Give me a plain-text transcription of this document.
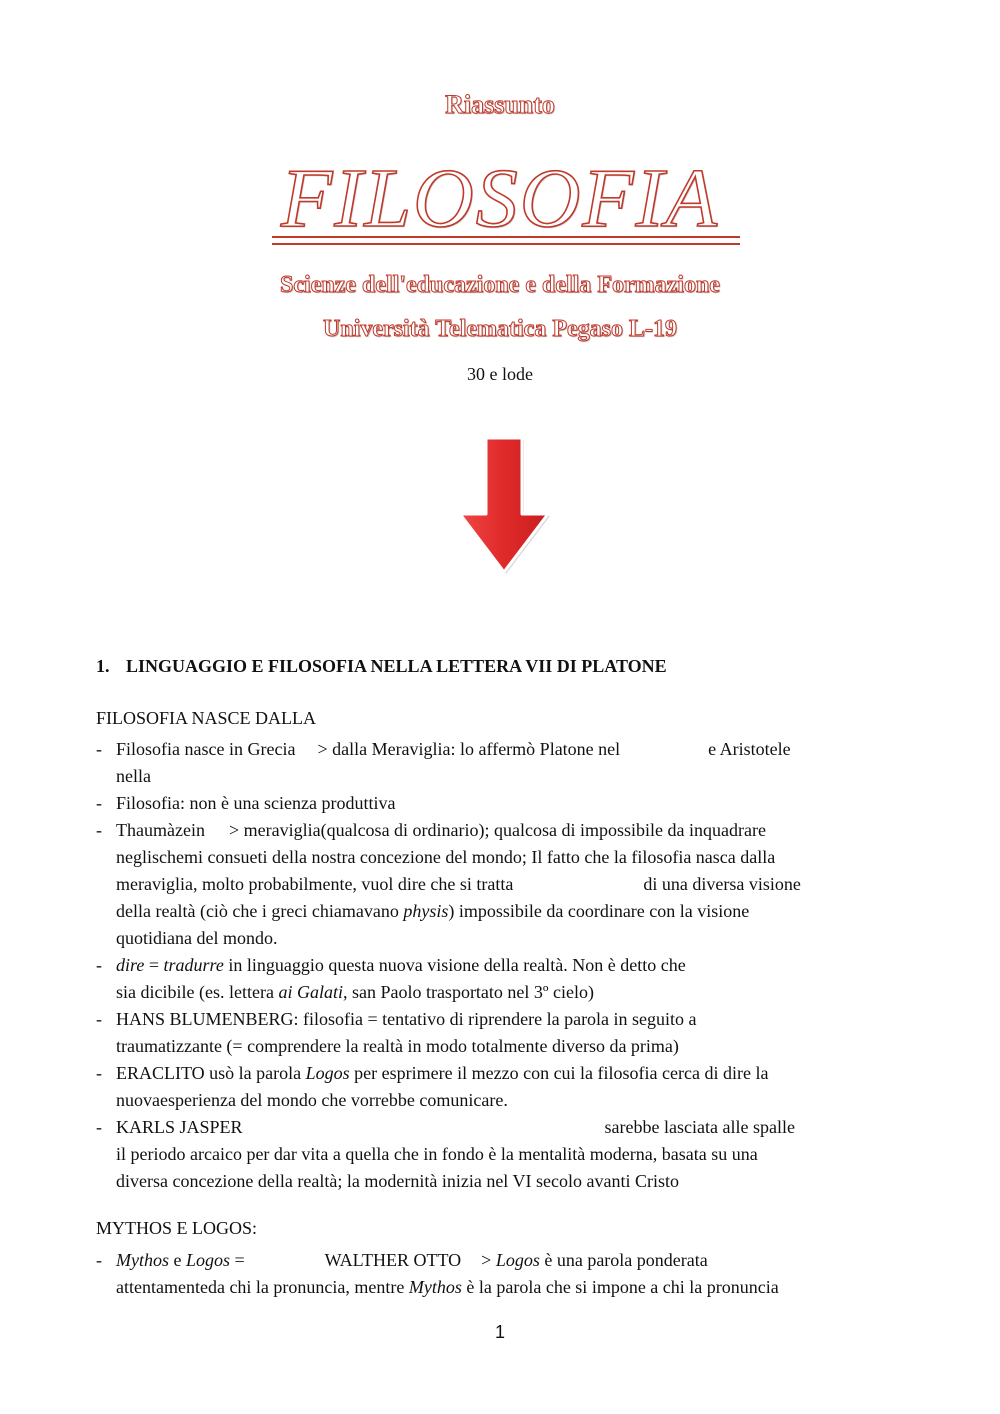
Riassunto
FILOSOFIA
Scienze dell'educazione e della Formazione
Università Telematica Pegaso L-19
30 e lode
1. LINGUAGGIO E FILOSOFIA NELLA LETTERA VII DI PLATONE
FILOSOFIA NASCE DALLA
- Filosofia nasce in Grecia > dalla Meraviglia: lo affermò Platone nel	e Aristotele
nella
- Filosofia: non è una scienza produttiva
- Thaumàzein > meraviglia(qualcosa di ordinario); qualcosa di impossibile da inquadrare
neglischemi consueti della nostra concezione del mondo; Il fatto che la filosofia nasca dalla
meraviglia, molto probabilmente, vuol dire che si tratta	di una diversa visione
della realtà (ciò che i greci chiamavano physis) impossibile da coordinare con la visione
quotidiana del mondo.
- dire = tradurre in linguaggio questa nuova visione della realtà. Non è detto che
sia dicibile (es. lettera ai Galati, san Paolo trasportato nel 3º cielo)
- HANS BLUMENBERG: filosofia = tentativo di riprendere la parola in seguito a
traumatizzante (= comprendere la realtà in modo totalmente diverso da prima)
- ERACLITO usò la parola Logos per esprimere il mezzo con cui la filosofia cerca di dire la
nuovaesperienza del mondo che vorrebbe comunicare.
- KARLS JASPER	sarebbe lasciata alle spalle
il periodo arcaico per dar vita a quella che in fondo è la mentalità moderna, basata su una
diversa concezione della realtà; la modernità inizia nel VI secolo avanti Cristo
MYTHOS E LOGOS:
- Mythos e Logos =	WALTHER OTTO > Logos è una parola ponderata
attentamenteda chi la pronuncia, mentre Mythos è la parola che si impone a chi la pronuncia
1
